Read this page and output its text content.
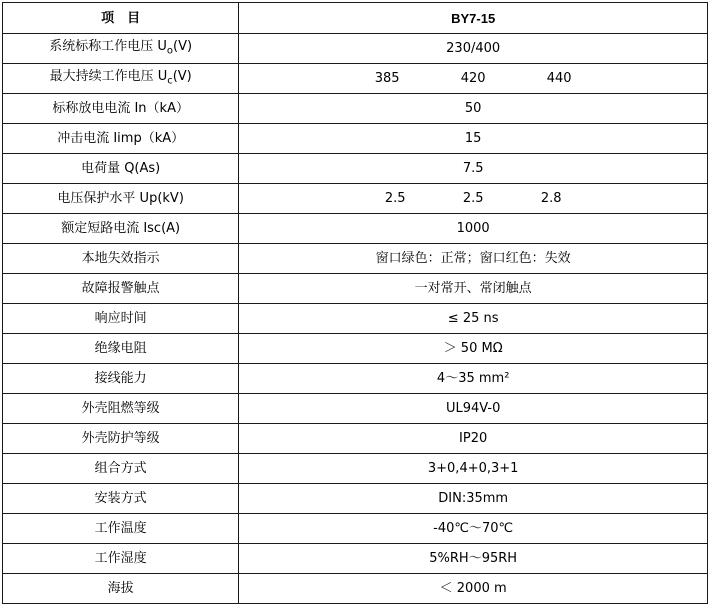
项　目	BY7-15
系统标称工作电压 $U_o(V)$	230/400
最大持续工作电压 $U_c(V)$	385 420 440

标称放电电流 In（kA）	50
冲击电流 Iimp（kA）	15
电荷量 Q(As)	7.5
电压保护水平 Up(kV)	2.5 2.5 2.8

额定短路电流 Isc(A)	1000
本地失效指示	窗口绿色：正常；窗口红色：失效
故障报警触点	一对常开、常闭触点
响应时间	≤ 25 ns
绝缘电阻	＞ 50 MΩ
接线能力	4～35 mm²
外壳阻燃等级	UL94V-0
外壳防护等级	IP20
组合方式	3+0,4+0,3+1
安装方式	DIN:35mm
工作温度	-40℃～70℃
工作湿度	5%RH～95RH
海拔	＜ 2000 m
